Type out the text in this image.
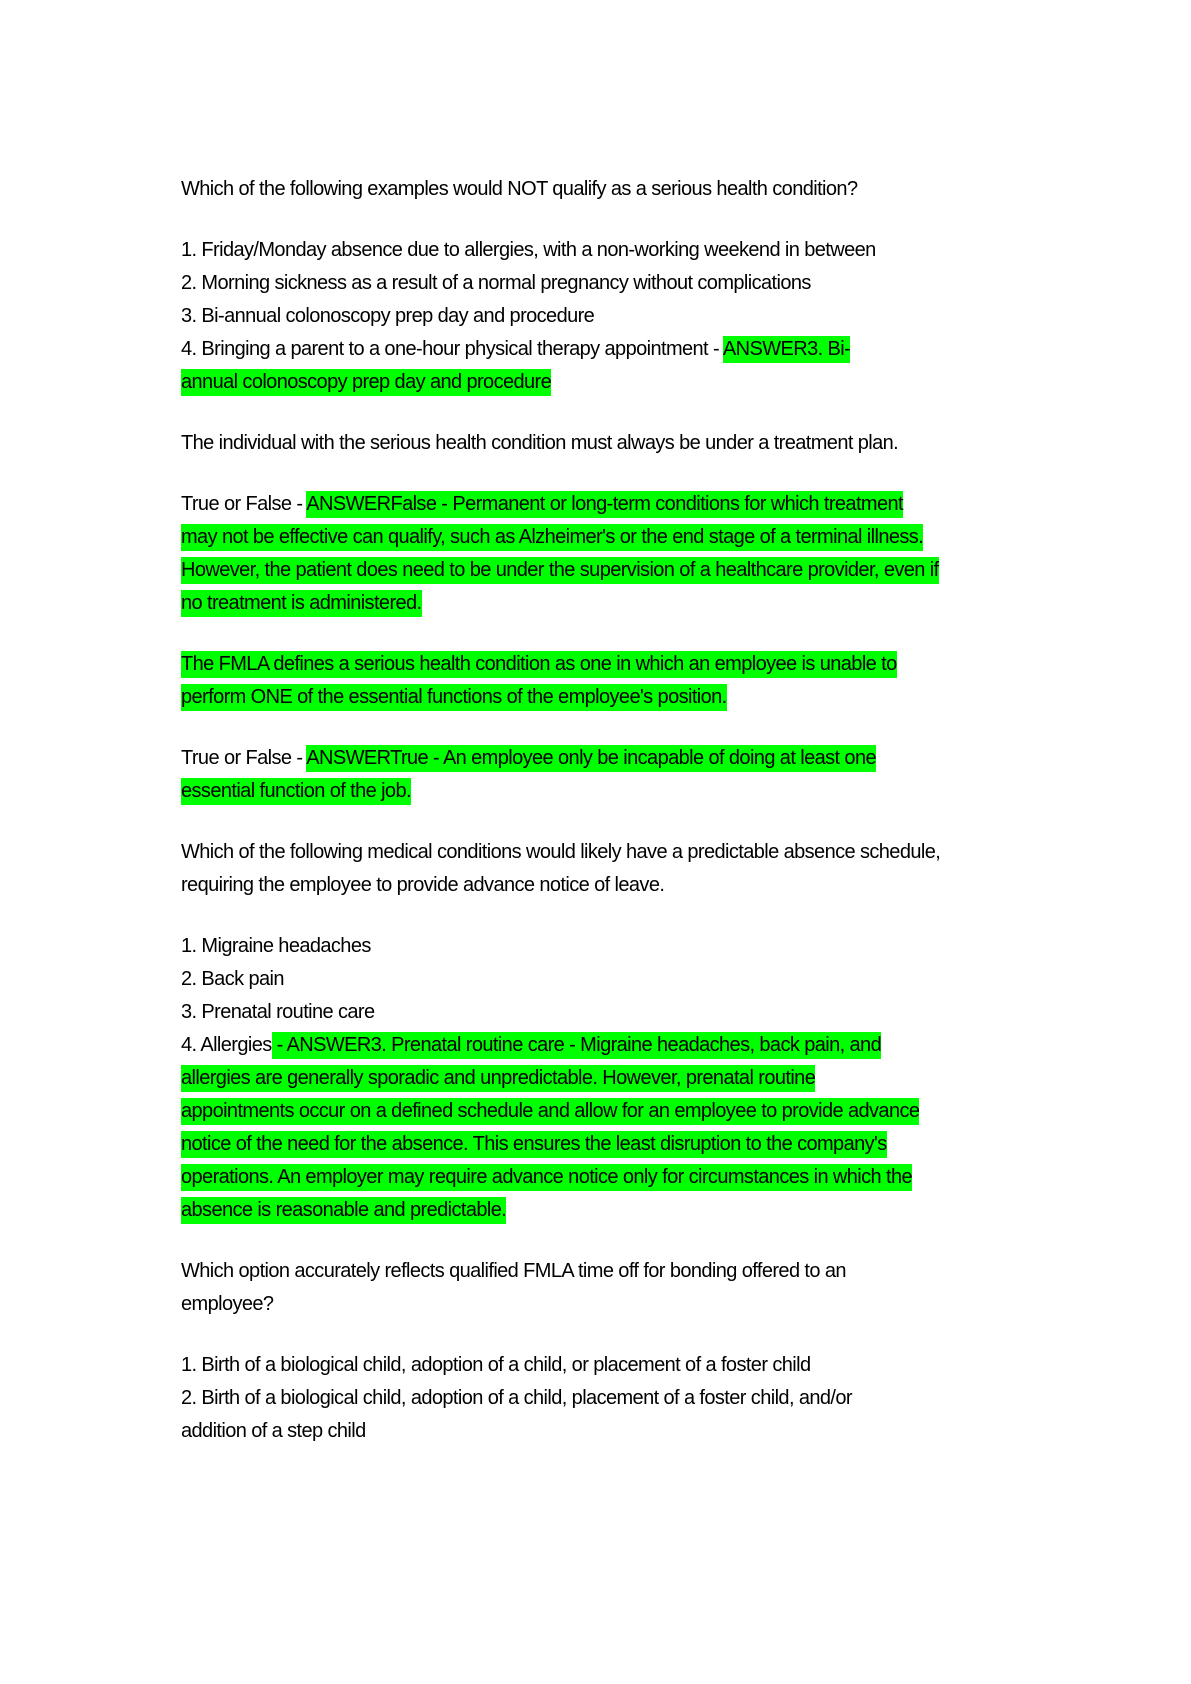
Which of the following examples would NOT qualify as a serious health condition?
1. Friday/Monday absence due to allergies, with a non-working weekend in between
2. Morning sickness as a result of a normal pregnancy without complications
3. Bi-annual colonoscopy prep day and procedure
4. Bringing a parent to a one-hour physical therapy appointment - ANSWER3. Bi-
annual colonoscopy prep day and procedure
The individual with the serious health condition must always be under a treatment plan.
True or False - ANSWERFalse - Permanent or long-term conditions for which treatment
may not be effective can qualify, such as Alzheimer's or the end stage of a terminal illness.
However, the patient does need to be under the supervision of a healthcare provider, even if
no treatment is administered.
The FMLA defines a serious health condition as one in which an employee is unable to
perform ONE of the essential functions of the employee's position.
True or False - ANSWERTrue - An employee only be incapable of doing at least one
essential function of the job.
Which of the following medical conditions would likely have a predictable absence schedule,
requiring the employee to provide advance notice of leave.
1. Migraine headaches
2. Back pain
3. Prenatal routine care
4. Allergies - ANSWER3. Prenatal routine care - Migraine headaches, back pain, and
allergies are generally sporadic and unpredictable. However, prenatal routine
appointments occur on a defined schedule and allow for an employee to provide advance
notice of the need for the absence. This ensures the least disruption to the company's
operations. An employer may require advance notice only for circumstances in which the
absence is reasonable and predictable.
Which option accurately reflects qualified FMLA time off for bonding offered to an
employee?
1. Birth of a biological child, adoption of a child, or placement of a foster child
2. Birth of a biological child, adoption of a child, placement of a foster child, and/or
addition of a step child
